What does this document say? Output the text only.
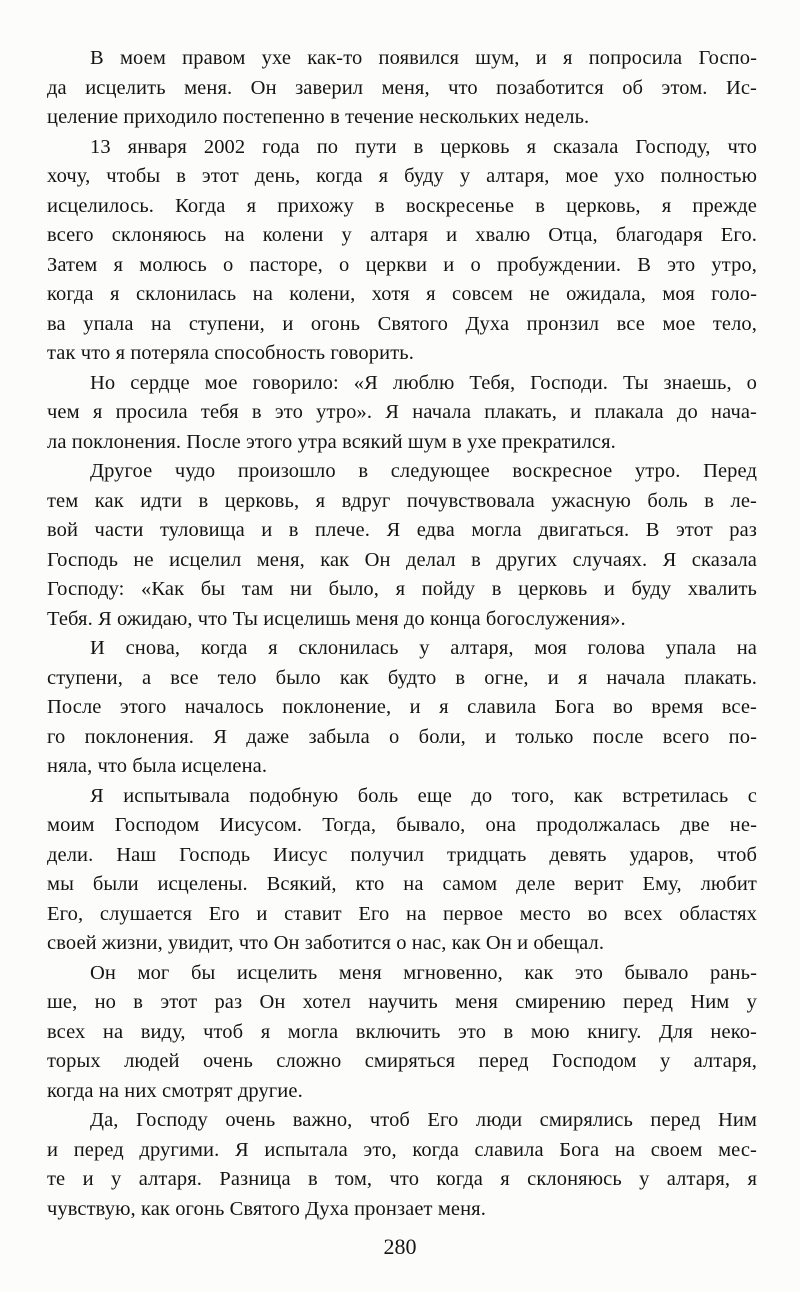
В моем правом ухе как-то появился шум, и я попросила Госпо-
да исцелить меня. Он заверил меня, что позаботится об этом. Ис-
целение приходило постепенно в течение нескольких недель.
13 января 2002 года по пути в церковь я сказала Господу, что
хочу, чтобы в этот день, когда я буду у алтаря, мое ухо полностью
исцелилось. Когда я прихожу в воскресенье в церковь, я прежде
всего склоняюсь на колени у алтаря и хвалю Отца, благодаря Его.
Затем я молюсь о пасторе, о церкви и о пробуждении. В это утро,
когда я склонилась на колени, хотя я совсем не ожидала, моя голо-
ва упала на ступени, и огонь Святого Духа пронзил все мое тело,
так что я потеряла способность говорить.
Но сердце мое говорило: «Я люблю Тебя, Господи. Ты знаешь, о
чем я просила тебя в это утро». Я начала плакать, и плакала до нача-
ла поклонения. После этого утра всякий шум в ухе прекратился.
Другое чудо произошло в следующее воскресное утро. Перед
тем как идти в церковь, я вдруг почувствовала ужасную боль в ле-
вой части туловища и в плече. Я едва могла двигаться. В этот раз
Господь не исцелил меня, как Он делал в других случаях. Я сказала
Господу: «Как бы там ни было, я пойду в церковь и буду хвалить
Тебя. Я ожидаю, что Ты исцелишь меня до конца богослужения».
И снова, когда я склонилась у алтаря, моя голова упала на
ступени, а все тело было как будто в огне, и я начала плакать.
После этого началось поклонение, и я славила Бога во время все-
го поклонения. Я даже забыла о боли, и только после всего по-
няла, что была исцелена.
Я испытывала подобную боль еще до того, как встретилась с
моим Господом Иисусом. Тогда, бывало, она продолжалась две не-
дели. Наш Господь Иисус получил тридцать девять ударов, чтоб
мы были исцелены. Всякий, кто на самом деле верит Ему, любит
Его, слушается Его и ставит Его на первое место во всех областях
своей жизни, увидит, что Он заботится о нас, как Он и обещал.
Он мог бы исцелить меня мгновенно, как это бывало рань-
ше, но в этот раз Он хотел научить меня смирению перед Ним у
всех на виду, чтоб я могла включить это в мою книгу. Для неко-
торых людей очень сложно смиряться перед Господом у алтаря,
когда на них смотрят другие.
Да, Господу очень важно, чтоб Его люди смирялись перед Ним
и перед другими. Я испытала это, когда славила Бога на своем мес-
те и у алтаря. Разница в том, что когда я склоняюсь у алтаря, я
чувствую, как огонь Святого Духа пронзает меня.
280
